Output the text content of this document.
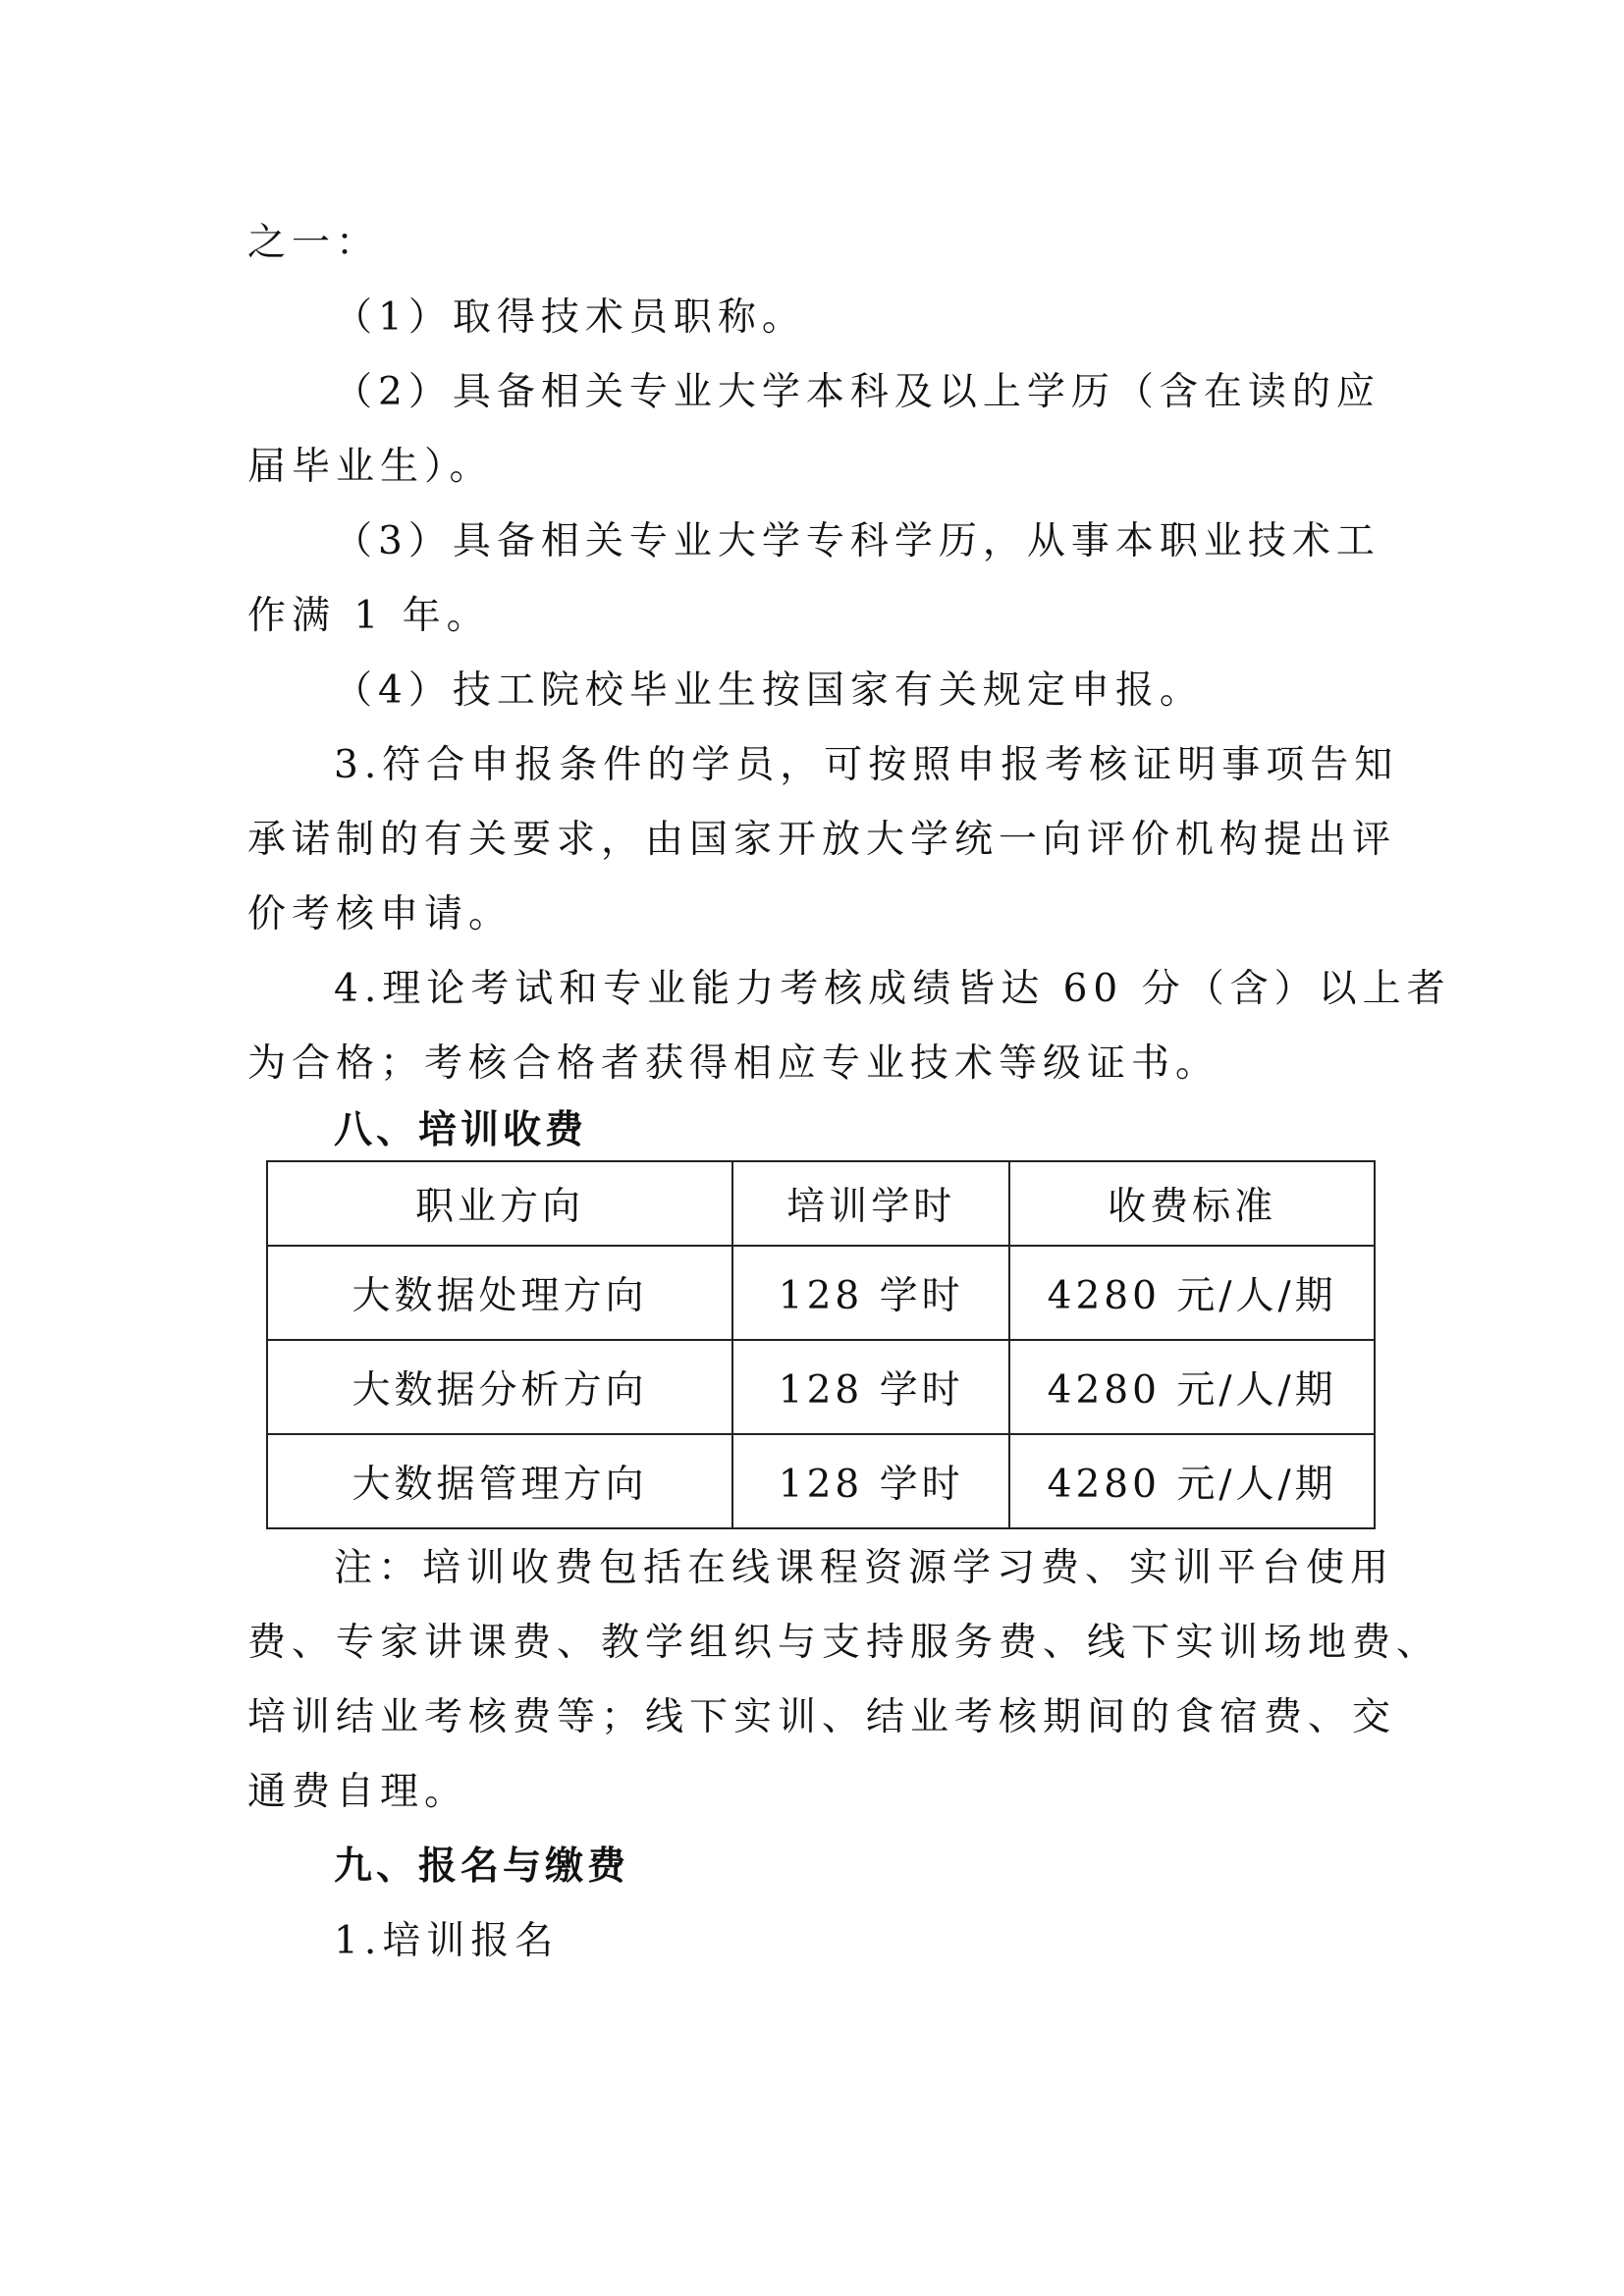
之一：
（1）取得技术员职称。
（2）具备相关专业大学本科及以上学历（含在读的应
届毕业生）。
（3）具备相关专业大学专科学历，从事本职业技术工
作满 1 年。
（4）技工院校毕业生按国家有关规定申报。
3.符合申报条件的学员，可按照申报考核证明事项告知
承诺制的有关要求，由国家开放大学统一向评价机构提出评
价考核申请。
4.理论考试和专业能力考核成绩皆达 60 分（含）以上者
为合格；考核合格者获得相应专业技术等级证书。
八、培训收费
职业方向	培训学时	收费标准
大数据处理方向	128 学时	4280 元/人/期
大数据分析方向	128 学时	4280 元/人/期
大数据管理方向	128 学时	4280 元/人/期
注：培训收费包括在线课程资源学习费、实训平台使用
费、专家讲课费、教学组织与支持服务费、线下实训场地费、
培训结业考核费等；线下实训、结业考核期间的食宿费、交
通费自理。
九、报名与缴费
1.培训报名
